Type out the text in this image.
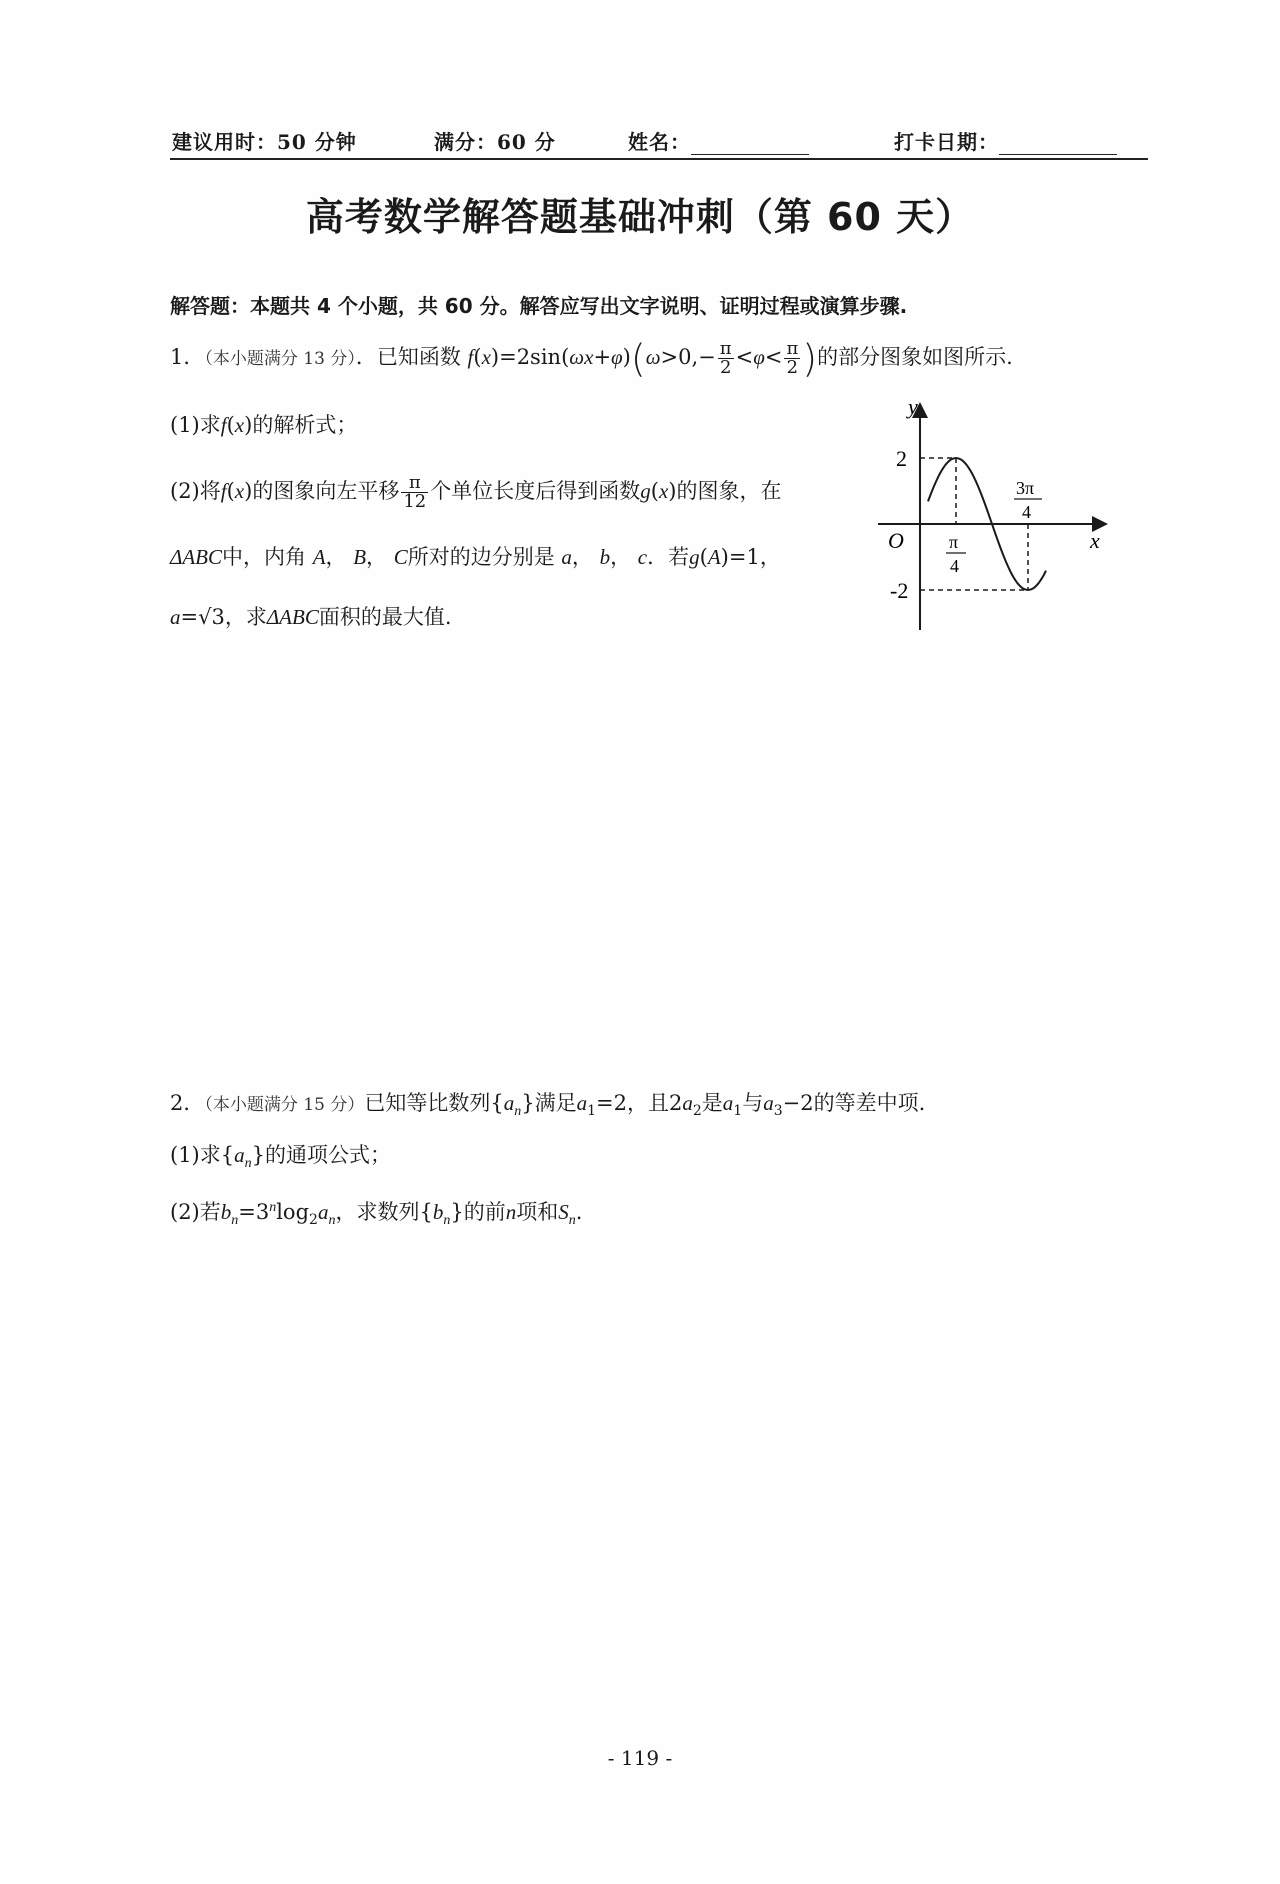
建议用时：50 分钟	满分：60 分	姓名：	打卡日期：
高考数学解答题基础冲刺（第 60 天）
解答题：本题共 4 个小题，共 60 分。解答应写出文字说明、证明过程或演算步骤.
1．（本小题满分 13 分）．已知函数 $f(x)=2\sin(\omega x+\varphi)(\omega>0,- \frac{\pi}{2} <\varphi< \frac{\pi}{2}$ )的部分图象如图所示.
(1)求f(x)的解析式；
(2)将f(x)的图象向左平移 $\frac{\pi}{12}$ 个单位长度后得到函数g(x)的图象，在
ΔABC中，内角 A， B， C所对的边分别是 a， b， c．若g(A)=1，
a=√3，求ΔABC面积的最大值.
y
x
O
2
-2
π
4
3π
4
2．（本小题满分 15 分）已知等比数列$\{a_n\}$满足$a_1=2$，且$2a_2$是$a_1$与$a_3-2$的等差中项.
(1)求$\{a_n\}$的通项公式；
(2)若$b_n=3^n\log_2a_n$，求数列$\{b_n\}$的前n项和$S_n$.
- 119 -
